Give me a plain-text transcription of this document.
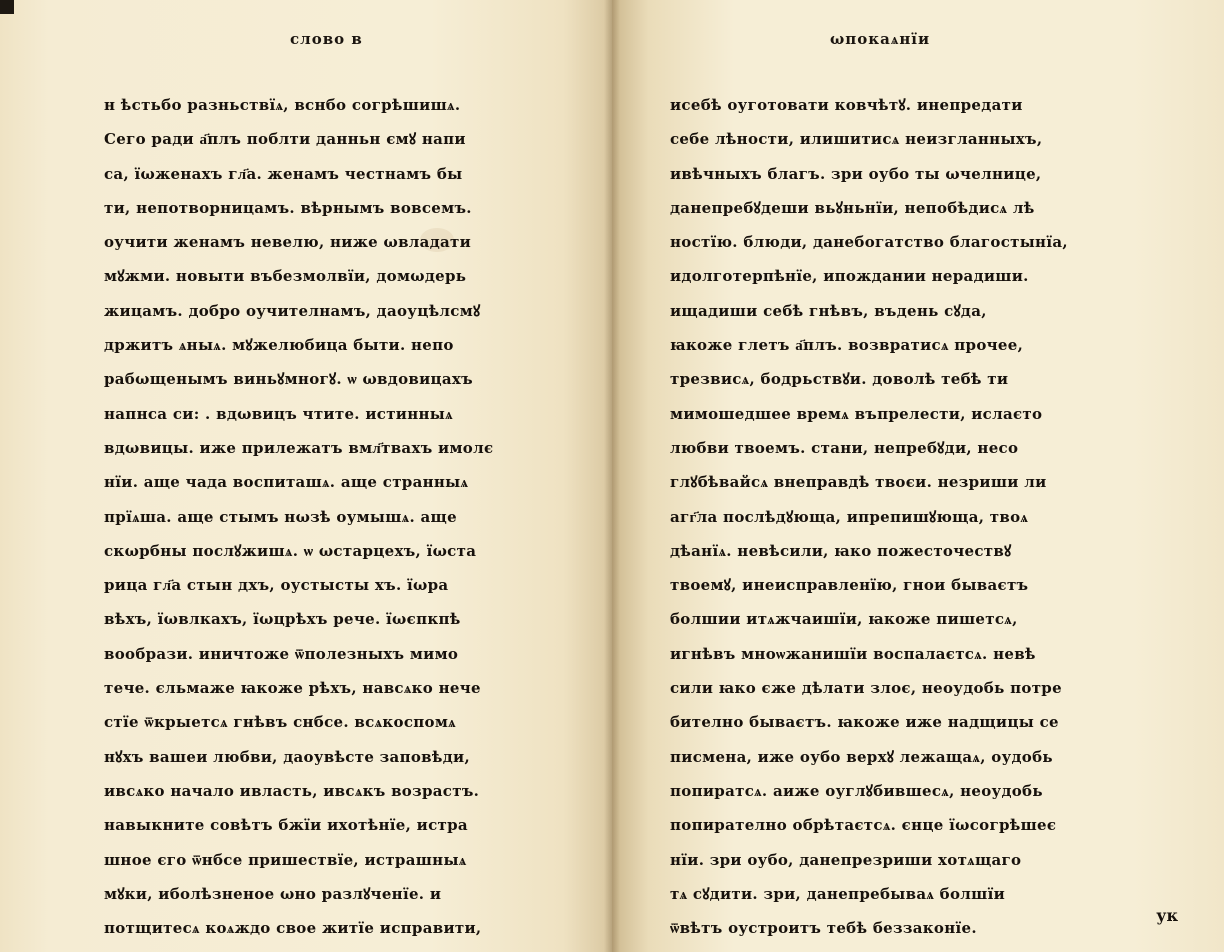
слово в
н ѣстьбо разньствїѧ, вснбо согрѣшишѧ.
Сего ради а҃плъ поблти данньн ємꙋ напи
са, їωженахъ гл҃а. женамъ честнамъ бы
ти, непотворницамъ. вѣрнымъ вовсемъ.
оучити женамъ невелю, ниже ωвладати
мꙋжми. новыти въбезмолвїи, домωдерь
жицамъ. добро оучителнамъ, даоуцѣлсмꙋ
држитъ ѧныѧ. мꙋжелюбица быти. непо
рабωщенымъ виньꙋмногꙋ. ѡ ωвдовицахъ
напнса си: . вдωвицъ чтите. истинныѧ
вдωвицы. иже прилежатъ вмл҃твахъ имолє
нїи. аще чада воспиташѧ. аще странныѧ
прїѧша. аще стымъ нωзѣ оумышѧ. аще
скωрбны послꙋжишѧ. ѡ ωстарцехъ, їωста
рица гл҃а стын дхъ, оустысты хъ. їωра
вѣхъ, їωвлкахъ, їωцрѣхъ рече. їωєпкпѣ
вообрази. иничтоже ѿполезныхъ мимо
тече. єльмаже ꙗкоже рѣхъ, навсѧко нече
стїе ѿкрыетсѧ гнѣвъ снбсе. всѧкоспомѧ
нꙋхъ вашеи любви, даоувѣсте заповѣди,
ивсѧко начало ивласть, ивсѧкъ возрастъ.
навыкните совѣтъ бжїи ихотѣнїе, истра
шное єго ѿнбсе пришествїе, истрашныѧ
мꙋки, иболѣзненое ωно разлꙋченїе. и
потщитесѧ коѧждо свое житїе исправити,
ωпокаѧнїи
исебѣ оуготовати ковчѣтꙋ. инепредати
себе лѣности, илишитисѧ неизгланныхъ,
ивѣчныхъ благъ. зри оубо ты ωчелнице,
данепребꙋдеши вьꙋньнїи, непобѣдисѧ лѣ
ностїю. блюди, данебогатство благостынїа,
идолготерпѣнїе, ипождании нерадиши.
ищадиши себѣ гнѣвъ, въдень сꙋда,
ꙗкоже глетъ а҃плъ. возвратисѧ прочее,
трезвисѧ, бодрьствꙋи. доволѣ тебѣ ти
мимошедшее времѧ въпрелести, ислаєто
любви твоемъ. стани, непребꙋди, несо
глꙋбѣвайсѧ внеправдѣ твоєи. незриши ли
агг҃ла послѣдꙋюща, ипрепишꙋюща, твоѧ
дѣанїѧ. невѣсили, ꙗко пожесточествꙋ
твоемꙋ, инеисправленїю, гнои бываєтъ
болшии итѧжчаишїи, ꙗкоже пишетсѧ,
игнѣвъ мноѡжанишїи воспалаєтсѧ. невѣ
сили ꙗко єже дѣлати злоє, неоудобь потре
бително бываєтъ. ꙗкоже иже надщицы се
писмена, иже оубо верхꙋ лежащаѧ, оудобь
попиратсѧ. аиже оуглꙋбившесѧ, неоудобь
попирателно обрѣтаєтсѧ. єнце їωсогрѣшеє
нїи. зри оубо, данепрезриши хотѧщаго
тѧ сꙋдити. зри, данепребываѧ болшїи
ѿвѣтъ оустроитъ тебѣ беззаконїе.
ук
